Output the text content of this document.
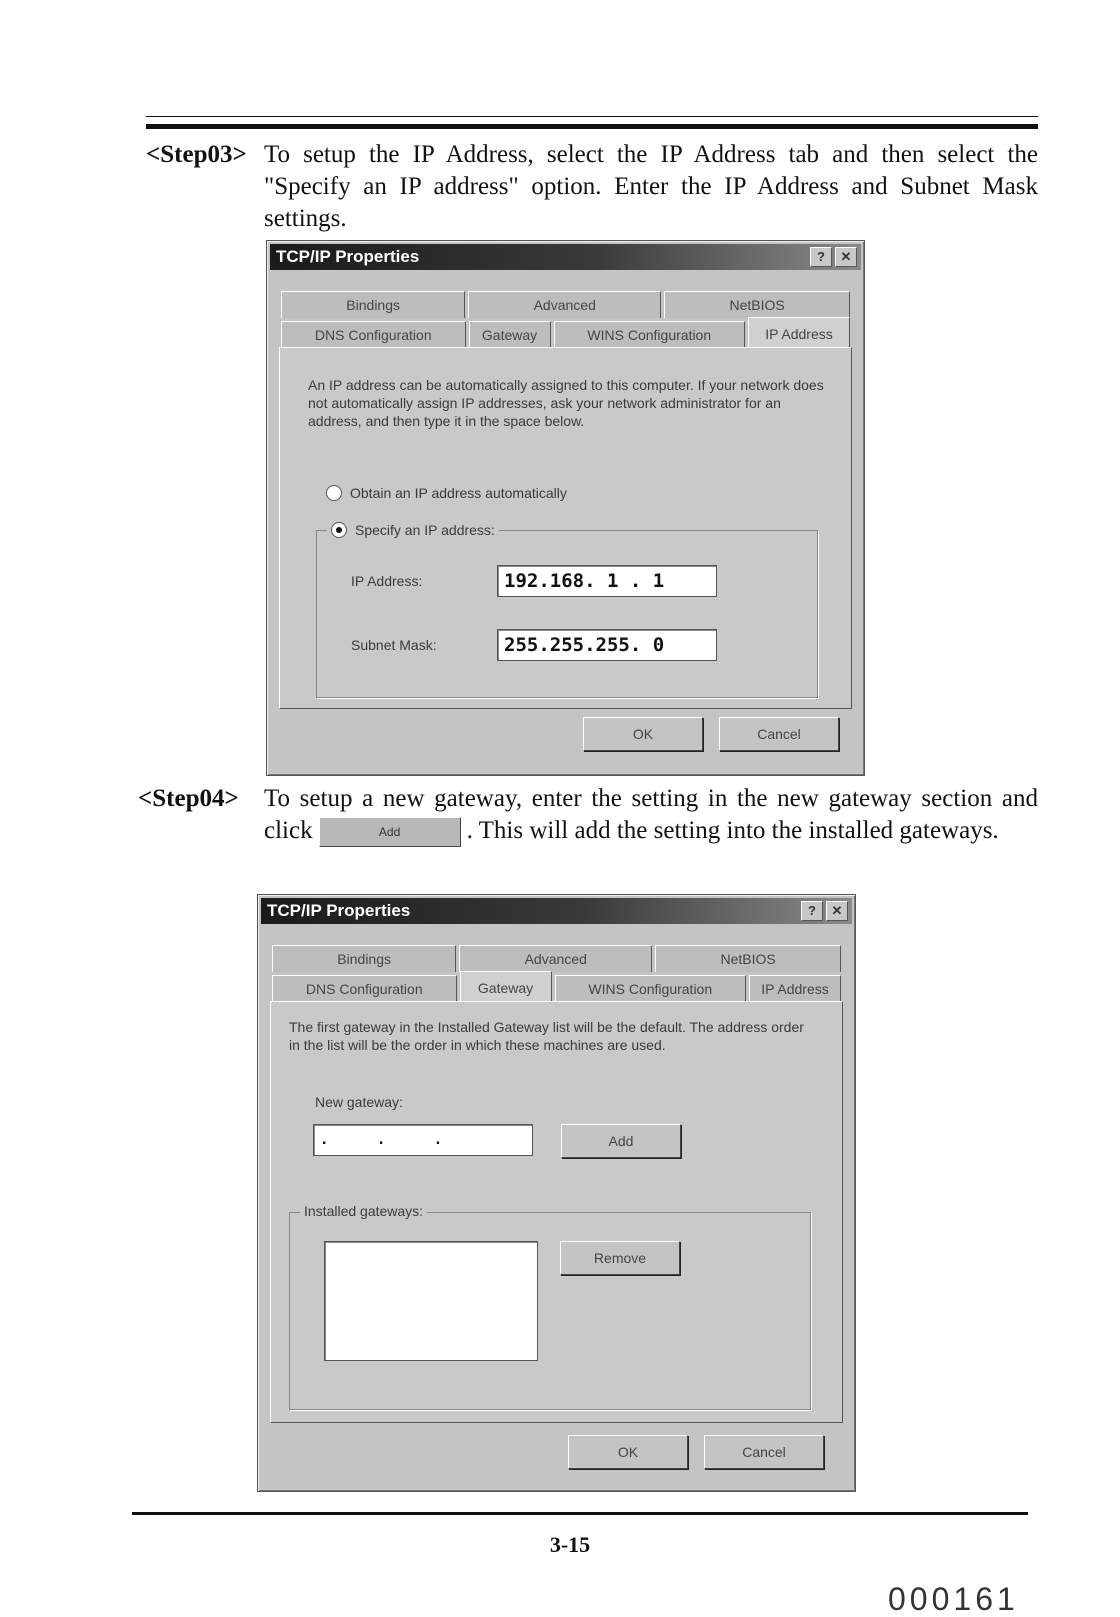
<Step03> To setup the IP Address, select the IP Address tab and then select the "Specify an IP address" option. Enter the IP Address and Subnet Mask settings.
TCP/IP Properties	?	✕
Bindings	Advanced	NetBIOS
DNS Configuration	Gateway	WINS Configuration	IP Address
An IP address can be automatically assigned to this computer. If your network does not automatically assign IP addresses, ask your network administrator for an address, and then type it in the space below.
Obtain an IP address automatically
Specify an IP address:
IP Address:	192.168. 1 . 1
Subnet Mask:	255.255.255. 0
OK	Cancel
<Step04> To setup a new gateway, enter the setting in the new gateway section and click	Add	. This will add the setting into the installed gateways.
TCP/IP Properties	?	✕
Bindings	Advanced	NetBIOS
DNS Configuration	Gateway	WINS Configuration	IP Address
The first gateway in the Installed Gateway list will be the default. The address order in the list will be the order in which these machines are used.
New gateway:
. . .	Add
Installed gateways:
Remove
OK	Cancel
3-15
000161
